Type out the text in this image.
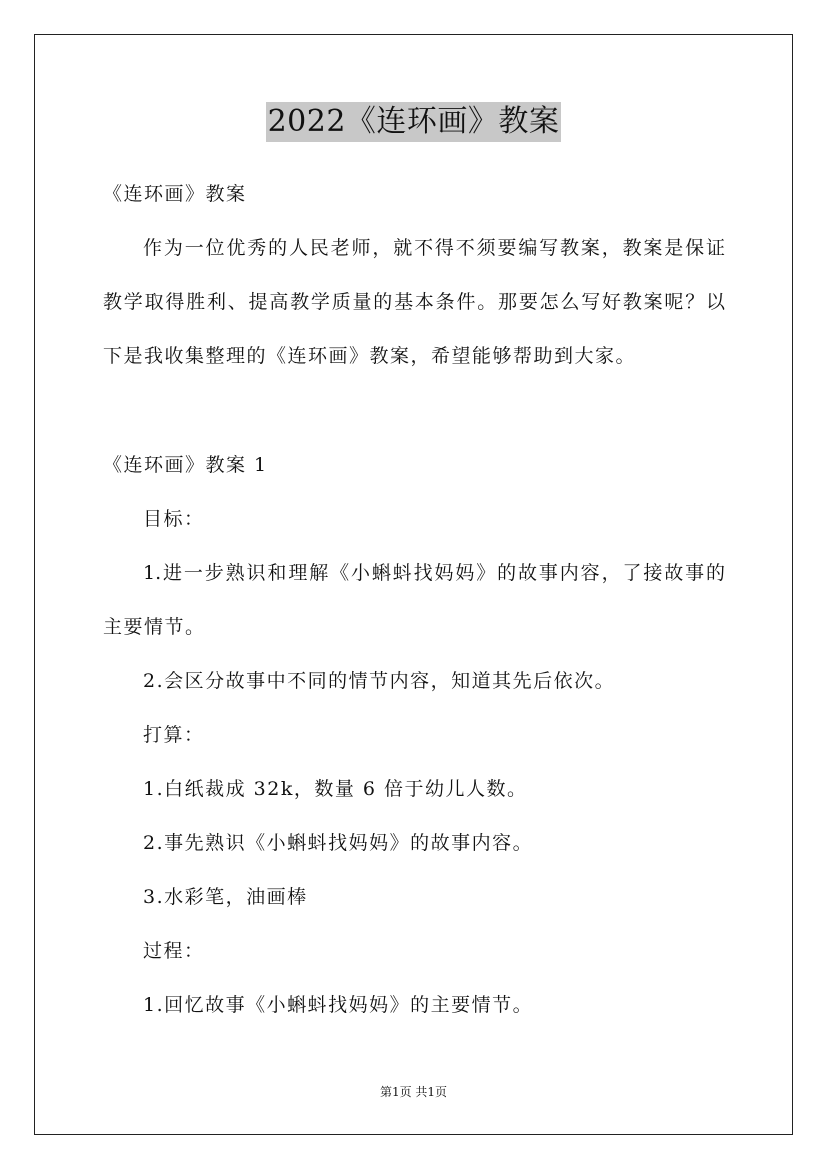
2022《连环画》教案
《连环画》教案
作为一位优秀的人民老师，就不得不须要编写教案，教案是保证
教学取得胜利、提高教学质量的基本条件。那要怎么写好教案呢？以
下是我收集整理的《连环画》教案，希望能够帮助到大家。
《连环画》教案 1
目标：
1.进一步熟识和理解《小蝌蚪找妈妈》的故事内容，了接故事的
主要情节。
2.会区分故事中不同的情节内容，知道其先后依次。
打算：
1.白纸裁成 32k，数量 6 倍于幼儿人数。
2.事先熟识《小蝌蚪找妈妈》的故事内容。
3.水彩笔，油画棒
过程：
1.回忆故事《小蝌蚪找妈妈》的主要情节。
第1页 共1页
